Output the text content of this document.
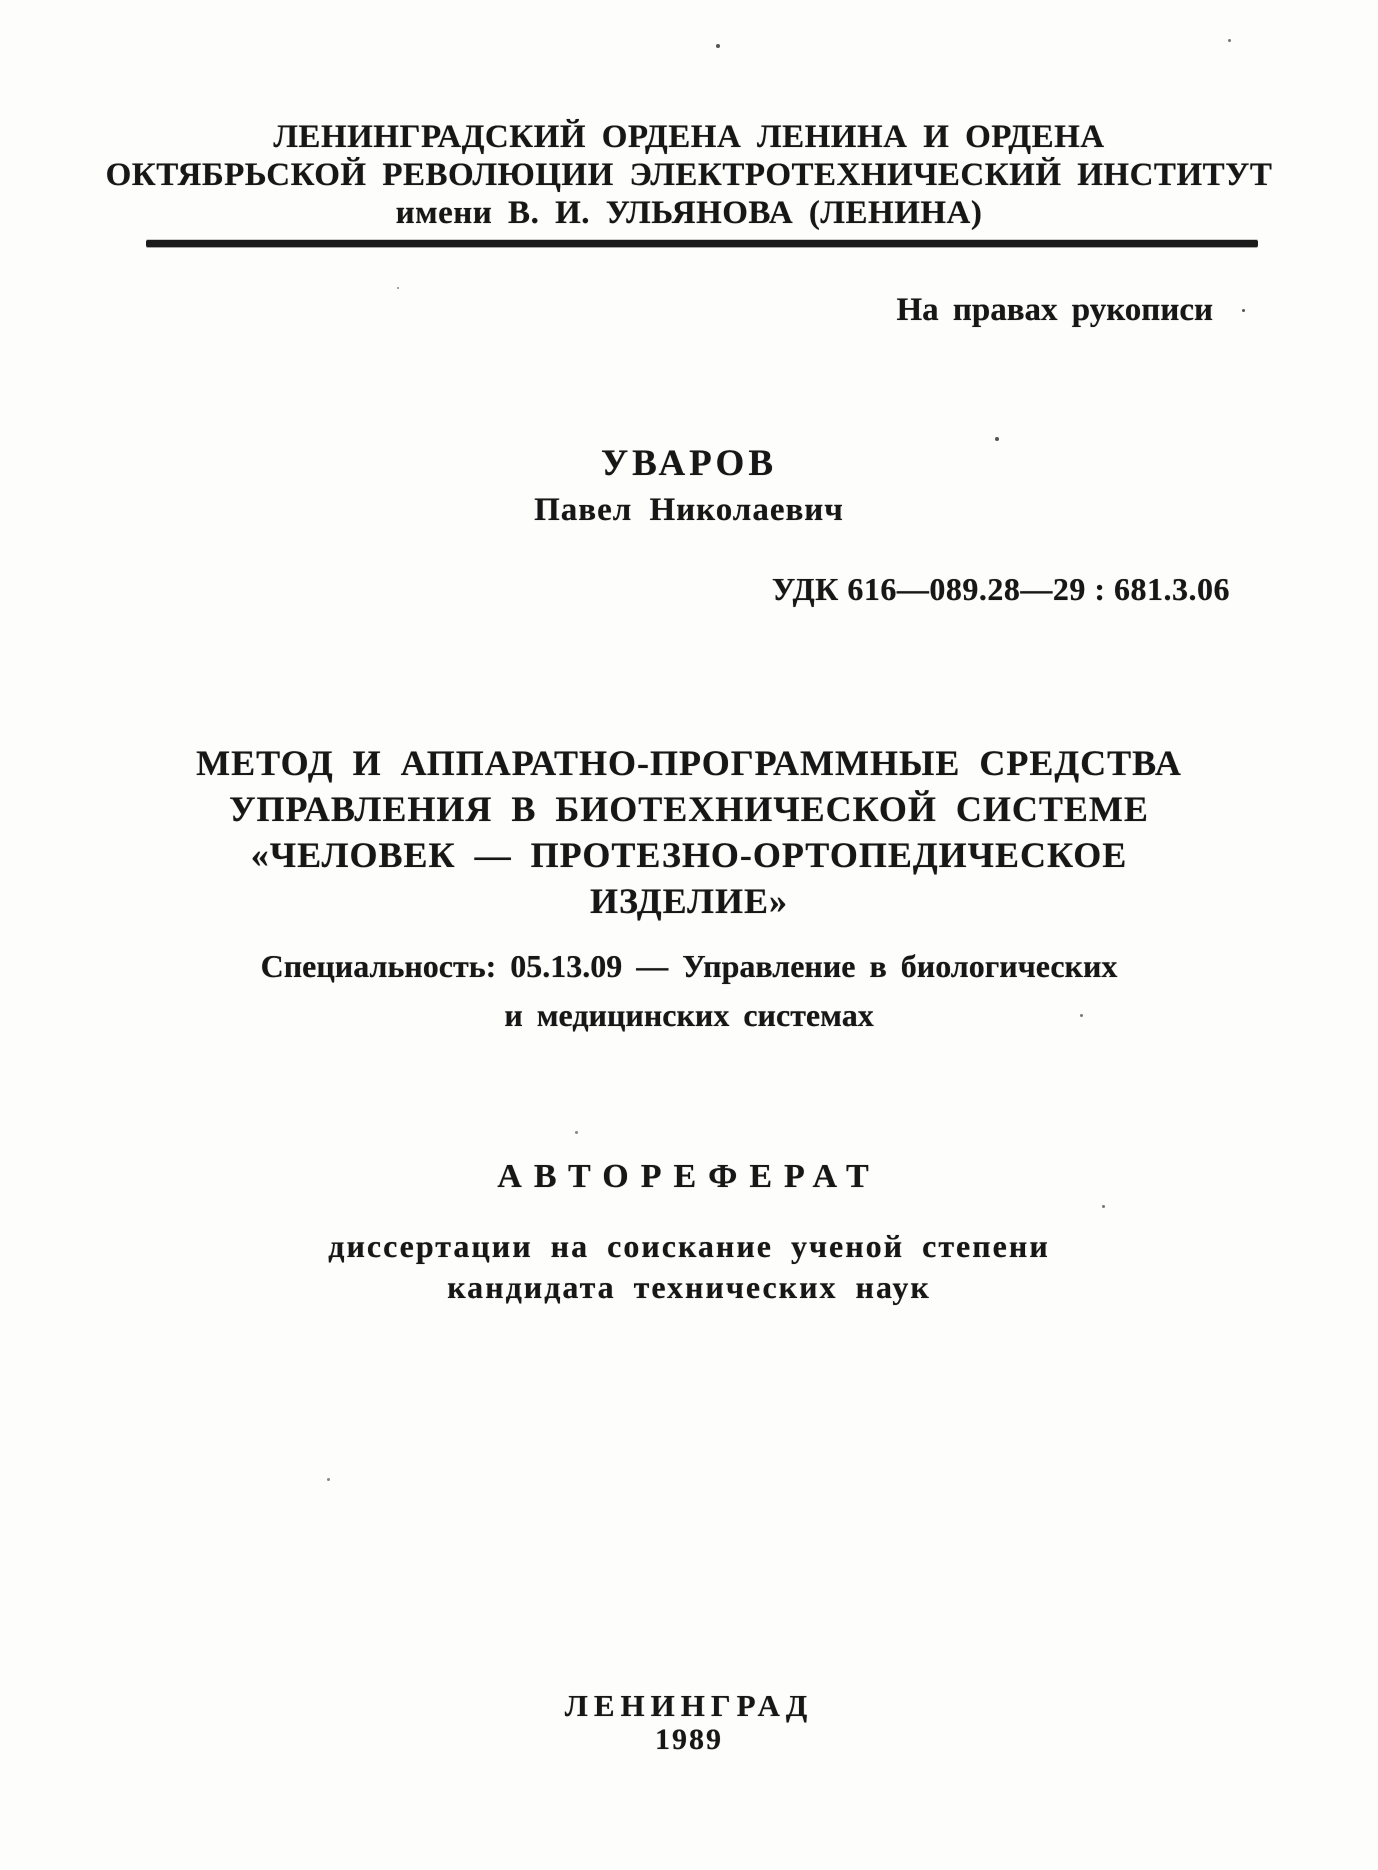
ЛЕНИНГРАДСКИЙ ОРДЕНА ЛЕНИНА И ОРДЕНА
ОКТЯБРЬСКОЙ РЕВОЛЮЦИИ ЭЛЕКТРОТЕХНИЧЕСКИЙ ИНСТИТУТ
имени В. И. УЛЬЯНОВА (ЛЕНИНА)
На правах рукописи
УВАРОВ
Павел Николаевич
УДК 616—089.28—29 : 681.3.06
МЕТОД И АППАРАТНО-ПРОГРАММНЫЕ СРЕДСТВА
УПРАВЛЕНИЯ В БИОТЕХНИЧЕСКОЙ СИСТЕМЕ
«ЧЕЛОВЕК — ПРОТЕЗНО-ОРТОПЕДИЧЕСКОЕ
ИЗДЕЛИЕ»
Специальность: 05.13.09 — Управление в биологических
и медицинских системах
АВТОРЕФЕРАТ
диссертации на соискание ученой степени
кандидата технических наук
ЛЕНИНГРАД
1989
